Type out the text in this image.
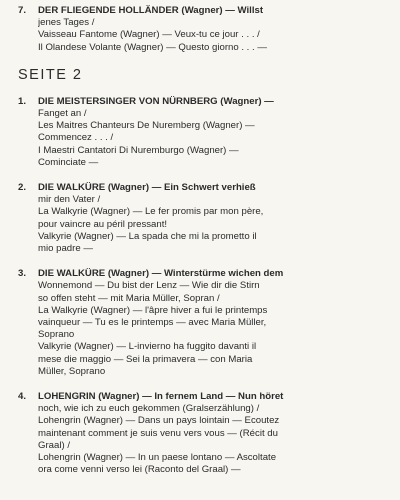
7. DER FLIEGENDE HOLLÄNDER (Wagner) — Willst
jenes Tages /
Vaisseau Fantome (Wagner) — Veux-tu ce jour . . . /
Il Olandese Volante (Wagner) — Questo giorno . . . —
SEITE 2
1. DIE MEISTERSINGER VON NÜRNBERG (Wagner) —
Fanget an /
Les Maitres Chanteurs De Nuremberg (Wagner) —
Commencez . . . /
I Maestri Cantatori Di Nuremburgo (Wagner) —
Cominciate —
2. DIE WALKÜRE (Wagner) — Ein Schwert verhieß
mir den Vater /
La Walkyrie (Wagner) — Le fer promis par mon père,
pour vaincre au péril pressant!
Valkyrie (Wagner) — La spada che mi la prometto il
mio padre —
3. DIE WALKÜRE (Wagner) — Winterstürme wichen dem
Wonnemond — Du bist der Lenz — Wie dir die Stirn
so offen steht — mit Maria Müller, Sopran /
La Walkyrie (Wagner) — l'âpre hiver a fui le printemps
vainqueur — Tu es le printemps — avec Maria Müller,
Soprano
Valkyrie (Wagner) — L-invierno ha fuggito davanti il
mese die maggio — Sei la primavera — con Maria
Müller, Soprano
4. LOHENGRIN (Wagner) — In fernem Land — Nun höret
noch, wie ich zu euch gekommen (Gralserzählung) /
Lohengrin (Wagner) — Dans un pays lointain — Ecoutez
maintenant comment je suis venu vers vous — (Récit du
Graal) /
Lohengrin (Wagner) — In un paese lontano — Ascoltate
ora come venni verso lei (Raconto del Graal) —
